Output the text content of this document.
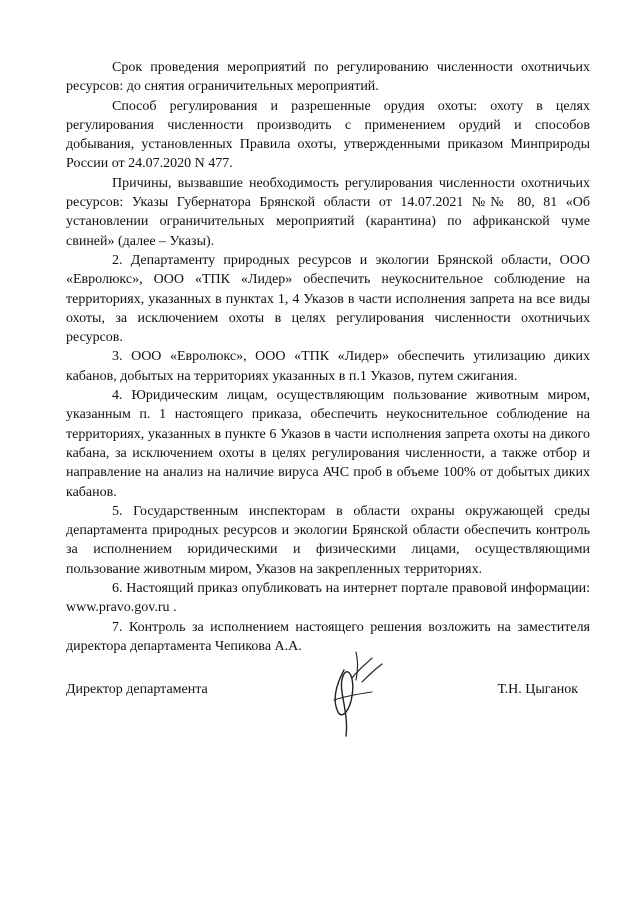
Срок проведения мероприятий по регулированию численности охотничьих ресурсов: до снятия ограничительных мероприятий.

Способ регулирования и разрешенные орудия охоты: охоту в целях регулирования численности производить с применением орудий и способов добывания, установленных Правила охоты, утвержденными приказом Минприроды России от 24.07.2020 N 477.

Причины, вызвавшие необходимость регулирования численности охотничьих ресурсов: Указы Губернатора Брянской области от 14.07.2021 №№ 80, 81 «Об установлении ограничительных мероприятий (карантина) по африканской чуме свиней» (далее – Указы).

2. Департаменту природных ресурсов и экологии Брянской области, ООО «Евролюкс», ООО «ТПК «Лидер» обеспечить неукоснительное соблюдение на территориях, указанных в пунктах 1, 4 Указов в части исполнения запрета на все виды охоты, за исключением охоты в целях регулирования численности охотничьих ресурсов.

3. ООО «Евролюкс», ООО «ТПК «Лидер» обеспечить утилизацию диких кабанов, добытых на территориях указанных в п.1 Указов, путем сжигания.

4. Юридическим лицам, осуществляющим пользование животным миром, указанным п. 1 настоящего приказа, обеспечить неукоснительное соблюдение на территориях, указанных в пункте 6 Указов в части исполнения запрета охоты на дикого кабана, за исключением охоты в целях регулирования численности, а также отбор и направление на анализ на наличие вируса АЧС проб в объеме 100% от добытых диких кабанов.

5. Государственным инспекторам в области охраны окружающей среды департамента природных ресурсов и экологии Брянской области обеспечить контроль за исполнением юридическими и физическими лицами, осуществляющими пользование животным миром, Указов на закрепленных территориях.

6. Настоящий приказ опубликовать на интернет портале правовой информации: www.pravo.gov.ru .

7. Контроль за исполнением настоящего решения возложить на заместителя директора департамента Чепикова А.А.

Директор департамента	Т.Н. Цыганок
